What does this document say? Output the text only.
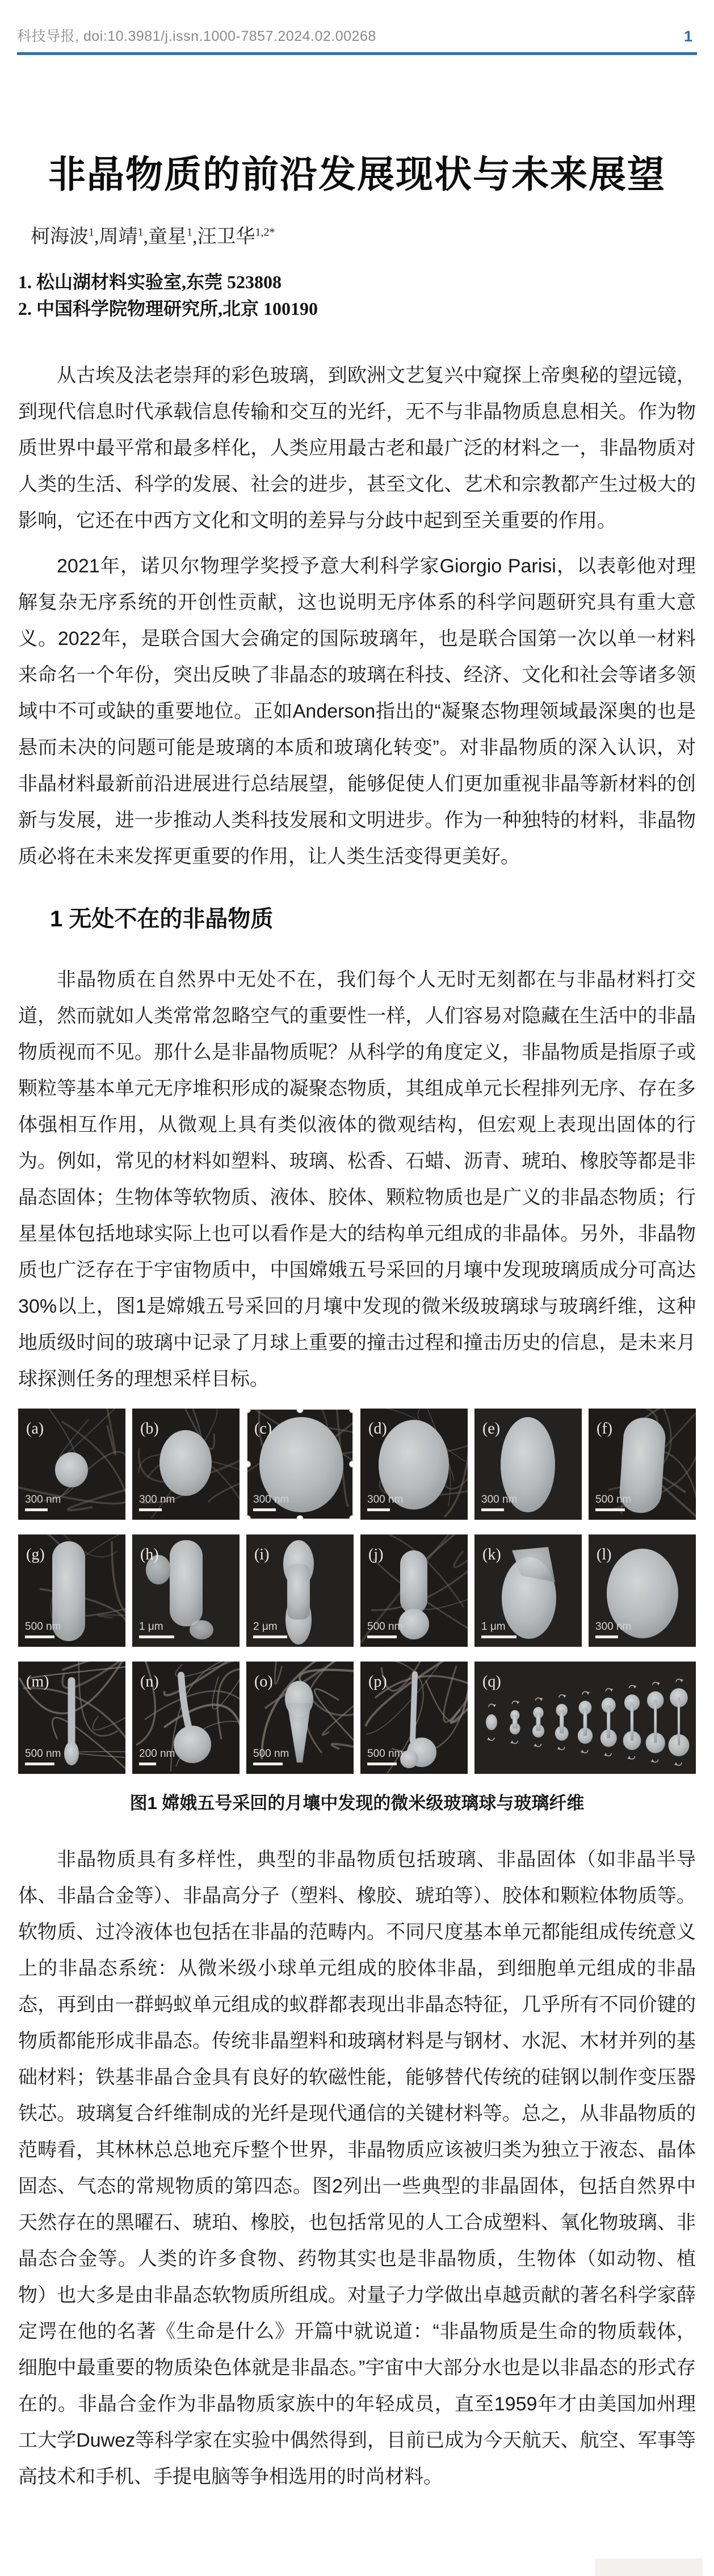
科技导报, doi:10.3981/j.issn.1000-7857.2024.02.00268	1
非晶物质的前沿发展现状与未来展望
柯海波$^1$,周靖$^1$,童星$^1$,汪卫华$^{1,2*}$

1. 松山湖材料实验室,东莞 523808

2. 中国科学院物理研究所,北京 100190

从古埃及法老崇拜的彩色玻璃，到欧洲文艺复兴中窥探上帝奥秘的望远镜，到现代信息时代承载信息传输和交互的光纤，无不与非晶物质息息相关。作为物质世界中最平常和最多样化，人类应用最古老和最广泛的材料之一，非晶物质对人类的生活、科学的发展、社会的进步，甚至文化、艺术和宗教都产生过极大的影响，它还在中西方文化和文明的差异与分歧中起到至关重要的作用。

2021年，诺贝尔物理学奖授予意大利科学家Giorgio Parisi，以表彰他对理解复杂无序系统的开创性贡献，这也说明无序体系的科学问题研究具有重大意义。2022年，是联合国大会确定的国际玻璃年，也是联合国第一次以单一材料来命名一个年份，突出反映了非晶态的玻璃在科技、经济、文化和社会等诸多领域中不可或缺的重要地位。正如Anderson指出的“凝聚态物理领域最深奥的也是悬而未决的问题可能是玻璃的本质和玻璃化转变”。对非晶物质的深入认识，对非晶材料最新前沿进展进行总结展望，能够促使人们更加重视非晶等新材料的创新与发展，进一步推动人类科技发展和文明进步。作为一种独特的材料，非晶物质必将在未来发挥更重要的作用，让人类生活变得更美好。

1 无处不在的非晶物质

非晶物质在自然界中无处不在，我们每个人无时无刻都在与非晶材料打交道，然而就如人类常常忽略空气的重要性一样，人们容易对隐藏在生活中的非晶物质视而不见。那什么是非晶物质呢？从科学的角度定义，非晶物质是指原子或颗粒等基本单元无序堆积形成的凝聚态物质，其组成单元长程排列无序、存在多体强相互作用，从微观上具有类似液体的微观结构，但宏观上表现出固体的行为。例如，常见的材料如塑料、玻璃、松香、石蜡、沥青、琥珀、橡胶等都是非晶态固体；生物体等软物质、液体、胶体、颗粒物质也是广义的非晶态物质；行星星体包括地球实际上也可以看作是大的结构单元组成的非晶体。另外，非晶物质也广泛存在于宇宙物质中，中国嫦娥五号采回的月壤中发现玻璃质成分可高达30%以上，图1是嫦娥五号采回的月壤中发现的微米级玻璃球与玻璃纤维，这种地质级时间的玻璃中记录了月球上重要的撞击过程和撞击历史的信息，是未来月球探测任务的理想采样目标。

(a)
300 nm
(b)
300 nm
(c)
300 nm
(d)
300 nm
(e)
300 nm
(f)
500 nm
(g)
500 nm
(h)
1 μm
(i)
2 μm
(j)
500 nm
(k)
1 μm
(l)
300 nm
(m)
500 nm
(n)
200 nm
(o)
500 nm
(p)
500 nm
(q)
图1 嫦娥五号采回的月壤中发现的微米级玻璃球与玻璃纤维

非晶物质具有多样性，典型的非晶物质包括玻璃、非晶固体（如非晶半导体、非晶合金等）、非晶高分子（塑料、橡胶、琥珀等）、胶体和颗粒体物质等。软物质、过冷液体也包括在非晶的范畴内。不同尺度基本单元都能组成传统意义上的非晶态系统：从微米级小球单元组成的胶体非晶，到细胞单元组成的非晶态，再到由一群蚂蚁单元组成的蚁群都表现出非晶态特征，几乎所有不同价键的物质都能形成非晶态。传统非晶塑料和玻璃材料是与钢材、水泥、木材并列的基础材料；铁基非晶合金具有良好的软磁性能，能够替代传统的硅钢以制作变压器铁芯。玻璃复合纤维制成的光纤是现代通信的关键材料等。总之，从非晶物质的范畴看，其林林总总地充斥整个世界，非晶物质应该被归类为独立于液态、晶体固态、气态的常规物质的第四态。图2列出一些典型的非晶固体，包括自然界中天然存在的黑曜石、琥珀、橡胶，也包括常见的人工合成塑料、氧化物玻璃、非晶态合金等。人类的许多食物、药物其实也是非晶物质，生物体（如动物、植物）也大多是由非晶态软物质所组成。对量子力学做出卓越贡献的著名科学家薛定谔在他的名著《生命是什么》开篇中就说道：“非晶物质是生命的物质载体，细胞中最重要的物质染色体就是非晶态。”宇宙中大部分水也是以非晶态的形式存在的。非晶合金作为非晶物质家族中的年轻成员，直至1959年才由美国加州理工大学Duwez等科学家在实验中偶然得到，目前已成为今天航天、航空、军事等高技术和手机、手提电脑等争相选用的时尚材料。
